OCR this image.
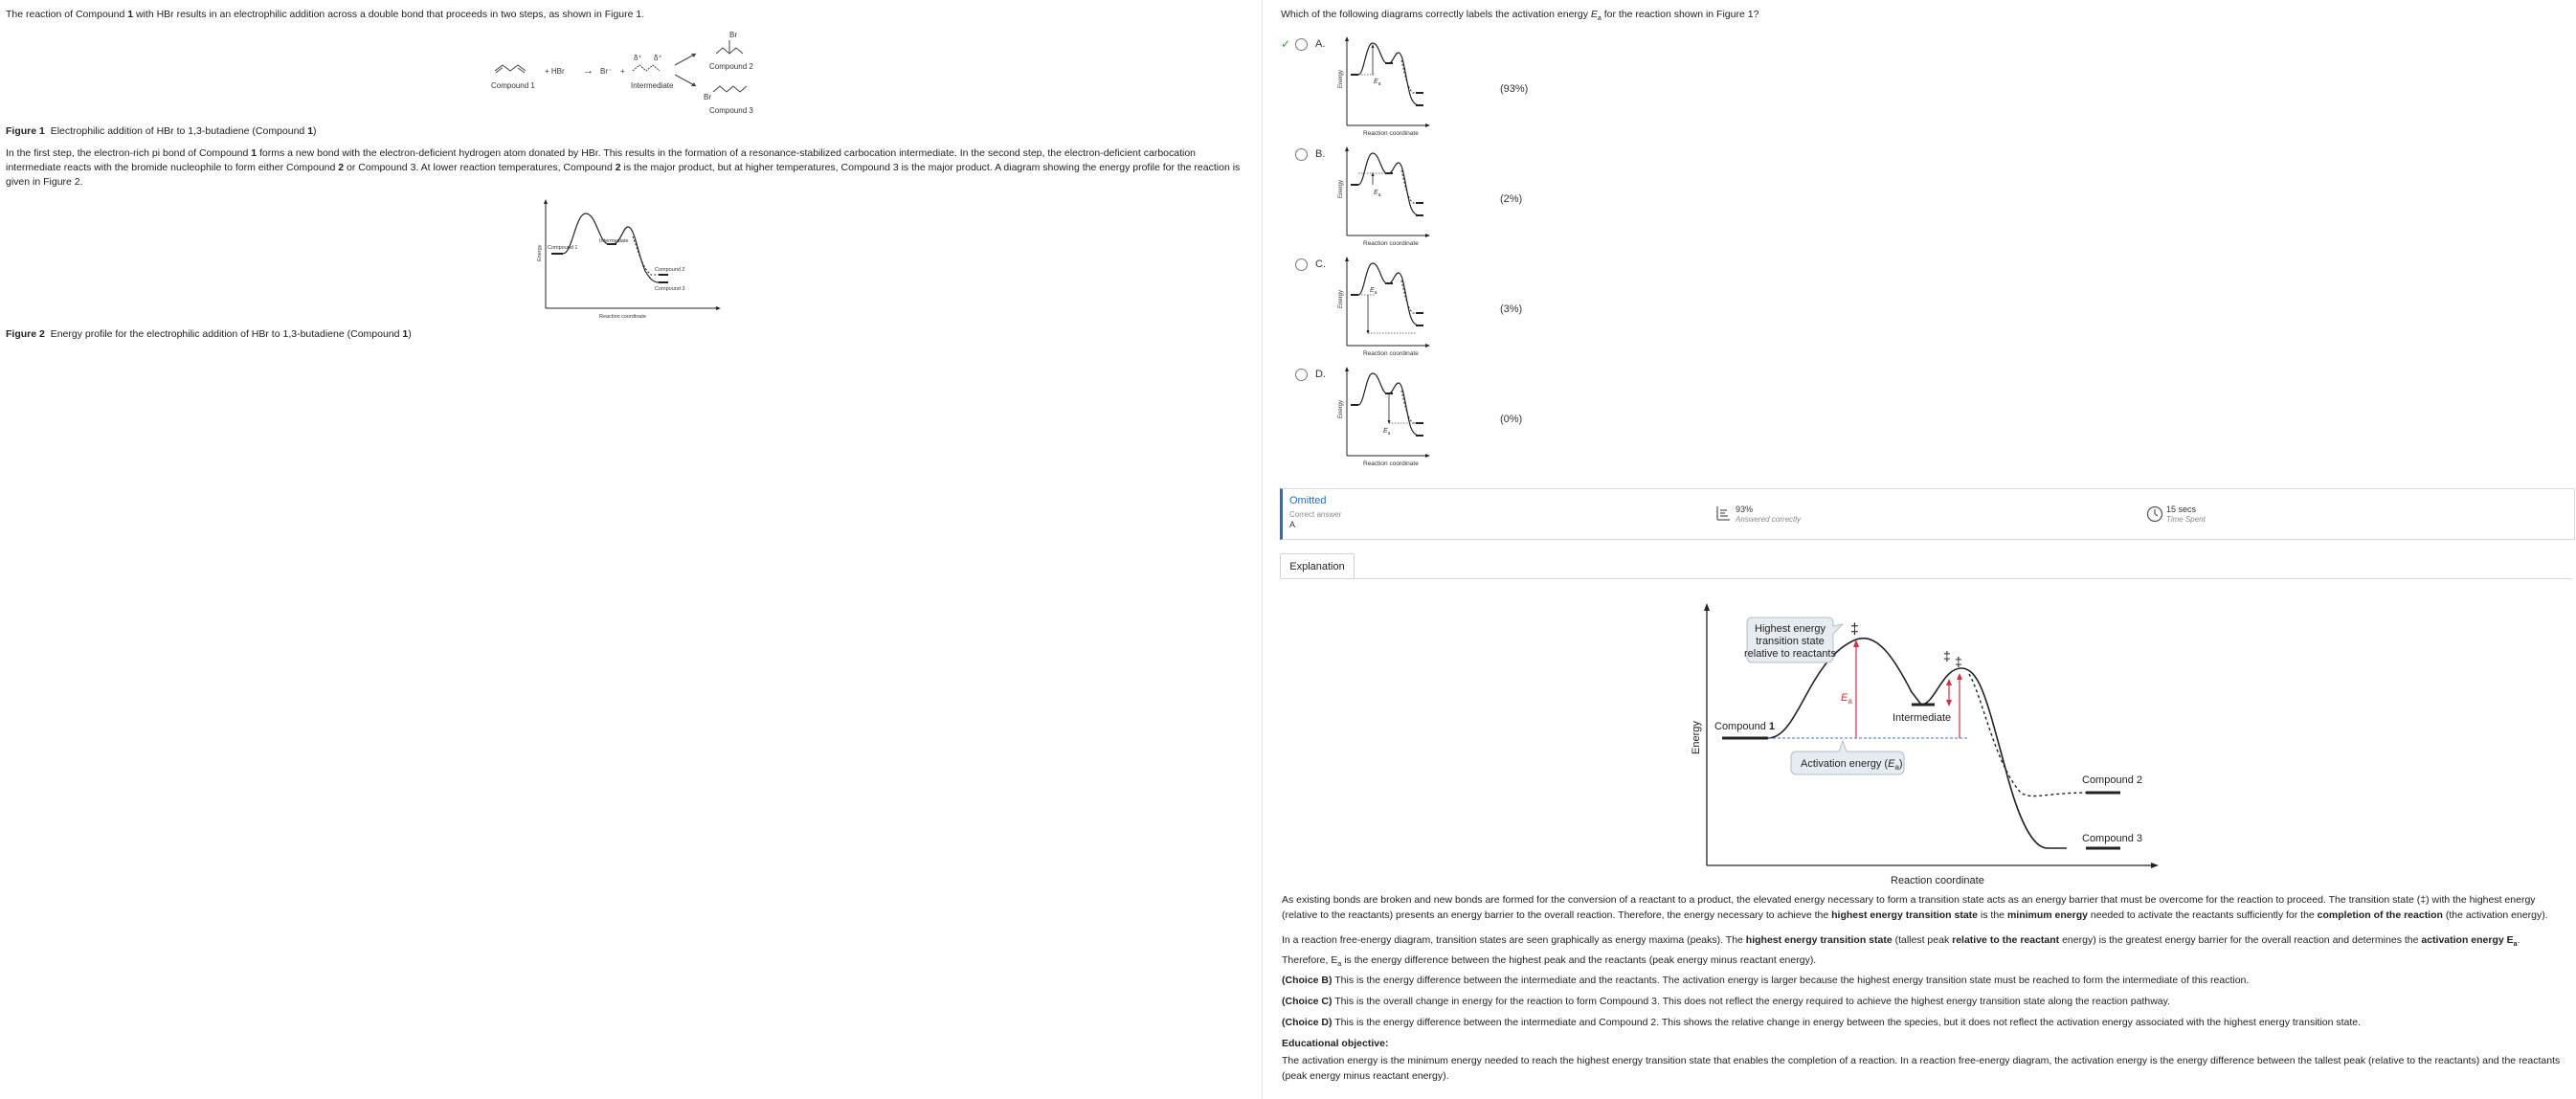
The reaction of Compound 1 with HBr results in an electrophilic addition across a double bond that proceeds in two steps, as shown in Figure 1.
Compound 1
+ HBr → Br⁻ +
δ⁺ δ⁺
Intermediate
Br
Compound 2
Br
Compound 3
Figure 1 Electrophilic addition of HBr to 1,3-butadiene (Compound 1)
In the first step, the electron-rich pi bond of Compound 1 forms a new bond with the electron-deficient hydrogen atom donated by HBr. This results in the formation of a resonance-stabilized carbocation intermediate. In the second step, the electron-deficient carbocation intermediate reacts with the bromide nucleophile to form either Compound 2 or Compound 3. At lower reaction temperatures, Compound 2 is the major product, but at higher temperatures, Compound 3 is the major product. A diagram showing the energy profile for the reaction is given in Figure 2.
Compound 1
Intermediate
Compound 2
Compound 3
Reaction coordinate
Energy
Figure 2 Energy profile for the electrophilic addition of HBr to 1,3-butadiene (Compound 1)
Which of the following diagrams correctly labels the activation energy $E_a$ for the reaction shown in Figure 1?
✓ A.
$E_a$
Reaction coordinate
Energy
(93%)
B.
$E_a$
Reaction coordinate
Energy
(2%)
C.
$E_a$
Reaction coordinate
Energy
(3%)
D.
$E_a$
Reaction coordinate
Energy
(0%)
Omitted
Correct answer
A
93%
Answered correctly
15 secs
Time Spent
Explanation
‡
‡ ‡
$E_a$
Highest energy
transition state
relative to reactants
Activation energy $(E_a)$
Compound 1
Intermediate
Compound 2
Compound 3
Reaction coordinate
Energy
As existing bonds are broken and new bonds are formed for the conversion of a reactant to a product, the elevated energy necessary to form a transition state acts as an energy barrier that must be overcome for the reaction to proceed. The transition state (‡) with the highest energy (relative to the reactants) presents an energy barrier to the overall reaction. Therefore, the energy necessary to achieve the highest energy transition state is the minimum energy needed to activate the reactants sufficiently for the completion of the reaction (the activation energy).
In a reaction free-energy diagram, transition states are seen graphically as energy maxima (peaks). The highest energy transition state (tallest peak relative to the reactant energy) is the greatest energy barrier for the overall reaction and determines the activation energy $E_a$.
Therefore, $E_a$ is the energy difference between the highest peak and the reactants (peak energy minus reactant energy).
(Choice B) This is the energy difference between the intermediate and the reactants. The activation energy is larger because the highest energy transition state must be reached to form the intermediate of this reaction.
(Choice C) This is the overall change in energy for the reaction to form Compound 3. This does not reflect the energy required to achieve the highest energy transition state along the reaction pathway.
(Choice D) This is the energy difference between the intermediate and Compound 2. This shows the relative change in energy between the species, but it does not reflect the activation energy associated with the highest energy transition state.
Educational objective:
The activation energy is the minimum energy needed to reach the highest energy transition state that enables the completion of a reaction. In a reaction free-energy diagram, the activation energy is the energy difference between the tallest peak (relative to the reactants) and the reactants (peak energy minus reactant energy).
